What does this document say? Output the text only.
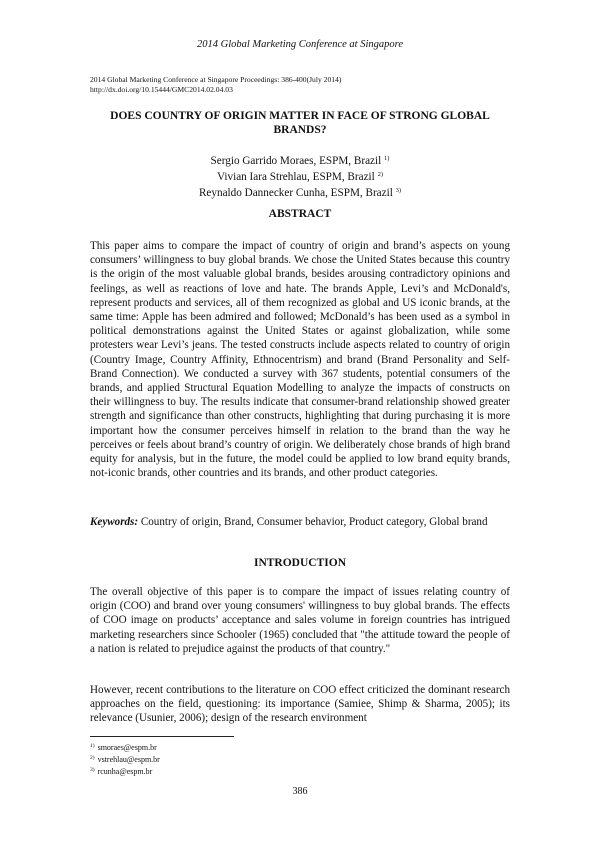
2014 Global Marketing Conference at Singapore
2014 Global Marketing Conference at Singapore Proceedings: 386-400(July 2014)
http://dx.doi.org/10.15444/GMC2014.02.04.03
DOES COUNTRY OF ORIGIN MATTER IN FACE OF STRONG GLOBAL
BRANDS?
Sergio Garrido Moraes, ESPM, Brazil $^{1)}$
Vivian Iara Strehlau, ESPM, Brazil $^{2)}$
Reynaldo Dannecker Cunha, ESPM, Brazil $^{3)}$
ABSTRACT

This paper aims to compare the impact of country of origin and brand’s aspects on young consumers’ willingness to buy global brands. We chose the United States because this country is the origin of the most valuable global brands, besides arousing contradictory opinions and feelings, as well as reactions of love and hate. The brands Apple, Levi’s and McDonald's, represent products and services, all of them recognized as global and US iconic brands, at the same time: Apple has been admired and followed; McDonald’s has been used as a symbol in political demonstrations against the United States or against globalization, while some protesters wear Levi’s jeans. The tested constructs include aspects related to country of origin (Country Image, Country Affinity, Ethnocentrism) and brand (Brand Personality and Self-Brand Connection). We conducted a survey with 367 students, potential consumers of the brands, and applied Structural Equation Modelling to analyze the impacts of constructs on their willingness to buy. The results indicate that consumer-brand relationship showed greater strength and significance than other constructs, highlighting that during purchasing it is more important how the consumer perceives himself in relation to the brand than the way he perceives or feels about brand’s country of origin. We deliberately chose brands of high brand equity for analysis, but in the future, the model could be applied to low brand equity brands, not-iconic brands, other countries and its brands, and other product categories.

Keywords: Country of origin, Brand, Consumer behavior, Product category, Global brand

INTRODUCTION

The overall objective of this paper is to compare the impact of issues relating country of origin (COO) and brand over young consumers' willingness to buy global brands. The effects of COO image on products’ acceptance and sales volume in foreign countries has intrigued marketing researchers since Schooler (1965) concluded that "the attitude toward the people of a nation is related to prejudice against the products of that country."

However, recent contributions to the literature on COO effect criticized the dominant research approaches on the field, questioning: its importance (Samiee, Shimp & Sharma, 2005); its relevance (Usunier, 2006); design of the research environment

$^{1)}$ smoraes@espm.br
$^{2)}$ vstrehlau@espm.br
$^{3)}$ rcunha@espm.br
386
